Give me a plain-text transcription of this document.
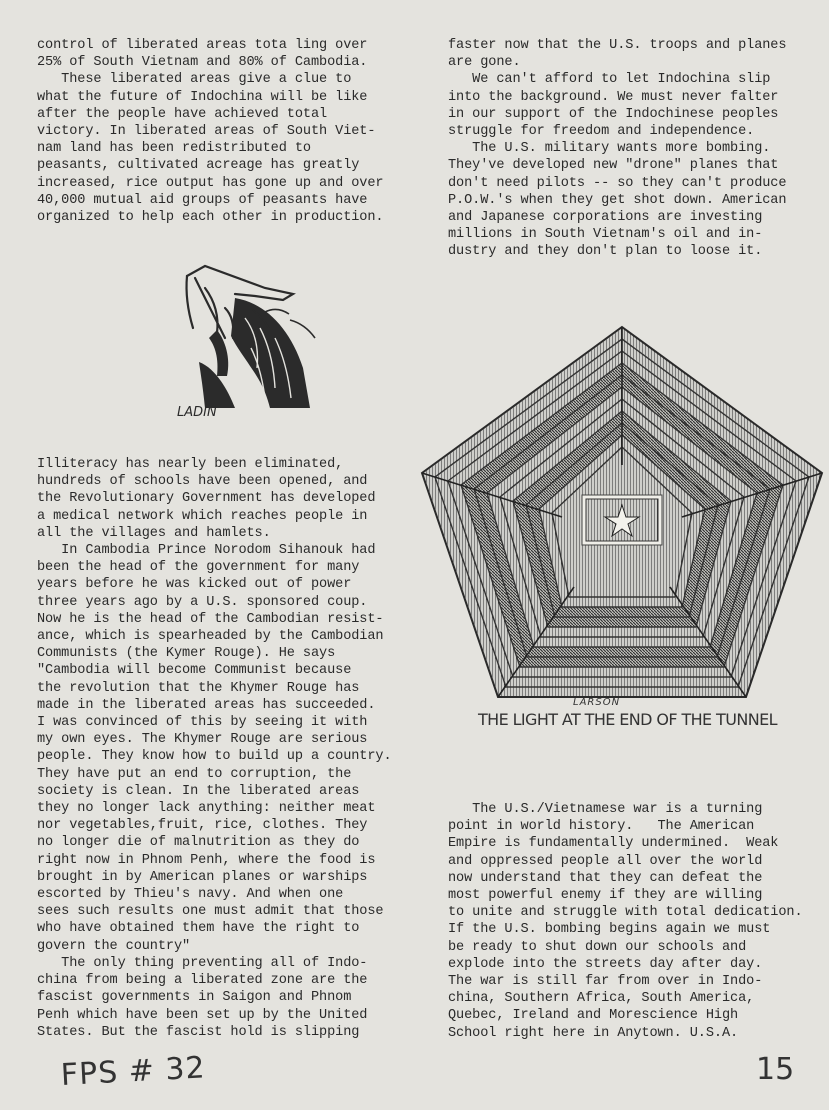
control of liberated areas tota ling over
25% of South Vietnam and 80% of Cambodia.
These liberated areas give a clue to
what the future of Indochina will be like
after the people have achieved total
victory. In liberated areas of South Viet-
nam land has been redistributed to
peasants, cultivated acreage has greatly
increased, rice output has gone up and over
40,000 mutual aid groups of peasants have
organized to help each other in production.

LADIN

Illiteracy has nearly been eliminated,
hundreds of schools have been opened, and
the Revolutionary Government has developed
a medical network which reaches people in
all the villages and hamlets.
In Cambodia Prince Norodom Sihanouk had
been the head of the government for many
years before he was kicked out of power
three years ago by a U.S. sponsored coup.
Now he is the head of the Cambodian resist-
ance, which is spearheaded by the Cambodian
Communists (the Kymer Rouge). He says
"Cambodia will become Communist because
the revolution that the Khymer Rouge has
made in the liberated areas has succeeded.
I was convinced of this by seeing it with
my own eyes. The Khymer Rouge are serious
people. They know how to build up a country.
They have put an end to corruption, the
society is clean. In the liberated areas
they no longer lack anything: neither meat
nor vegetables,fruit, rice, clothes. They
no longer die of malnutrition as they do
right now in Phnom Penh, where the food is
brought in by American planes or warships
escorted by Thieu's navy. And when one
sees such results one must admit that those
who have obtained them have the right to
govern the country"
The only thing preventing all of Indo-
china from being a liberated zone are the
fascist governments in Saigon and Phnom
Penh which have been set up by the United
States. But the fascist hold is slipping

faster now that the U.S. troops and planes
are gone.
We can't afford to let Indochina slip
into the background. We must never falter
in our support of the Indochinese peoples
struggle for freedom and independence.
The U.S. military wants more bombing.
They've developed new "drone" planes that
don't need pilots -- so they can't produce
P.O.W.'s when they get shot down. American
and Japanese corporations are investing
millions in South Vietnam's oil and in-
dustry and they don't plan to loose it.

LARSON
THE LIGHT AT THE END OF THE TUNNEL

The U.S./Vietnamese war is a turning
point in world history.   The American
Empire is fundamentally undermined.  Weak
and oppressed people all over the world
now understand that they can defeat the
most powerful enemy if they are willing
to unite and struggle with total dedication.
If the U.S. bombing begins again we must
be ready to shut down our schools and
explode into the streets day after day.
The war is still far from over in Indo-
china, Southern Africa, South America,
Quebec, Ireland and Morescience High
School right here in Anytown. U.S.A.

FPS # 32	15
